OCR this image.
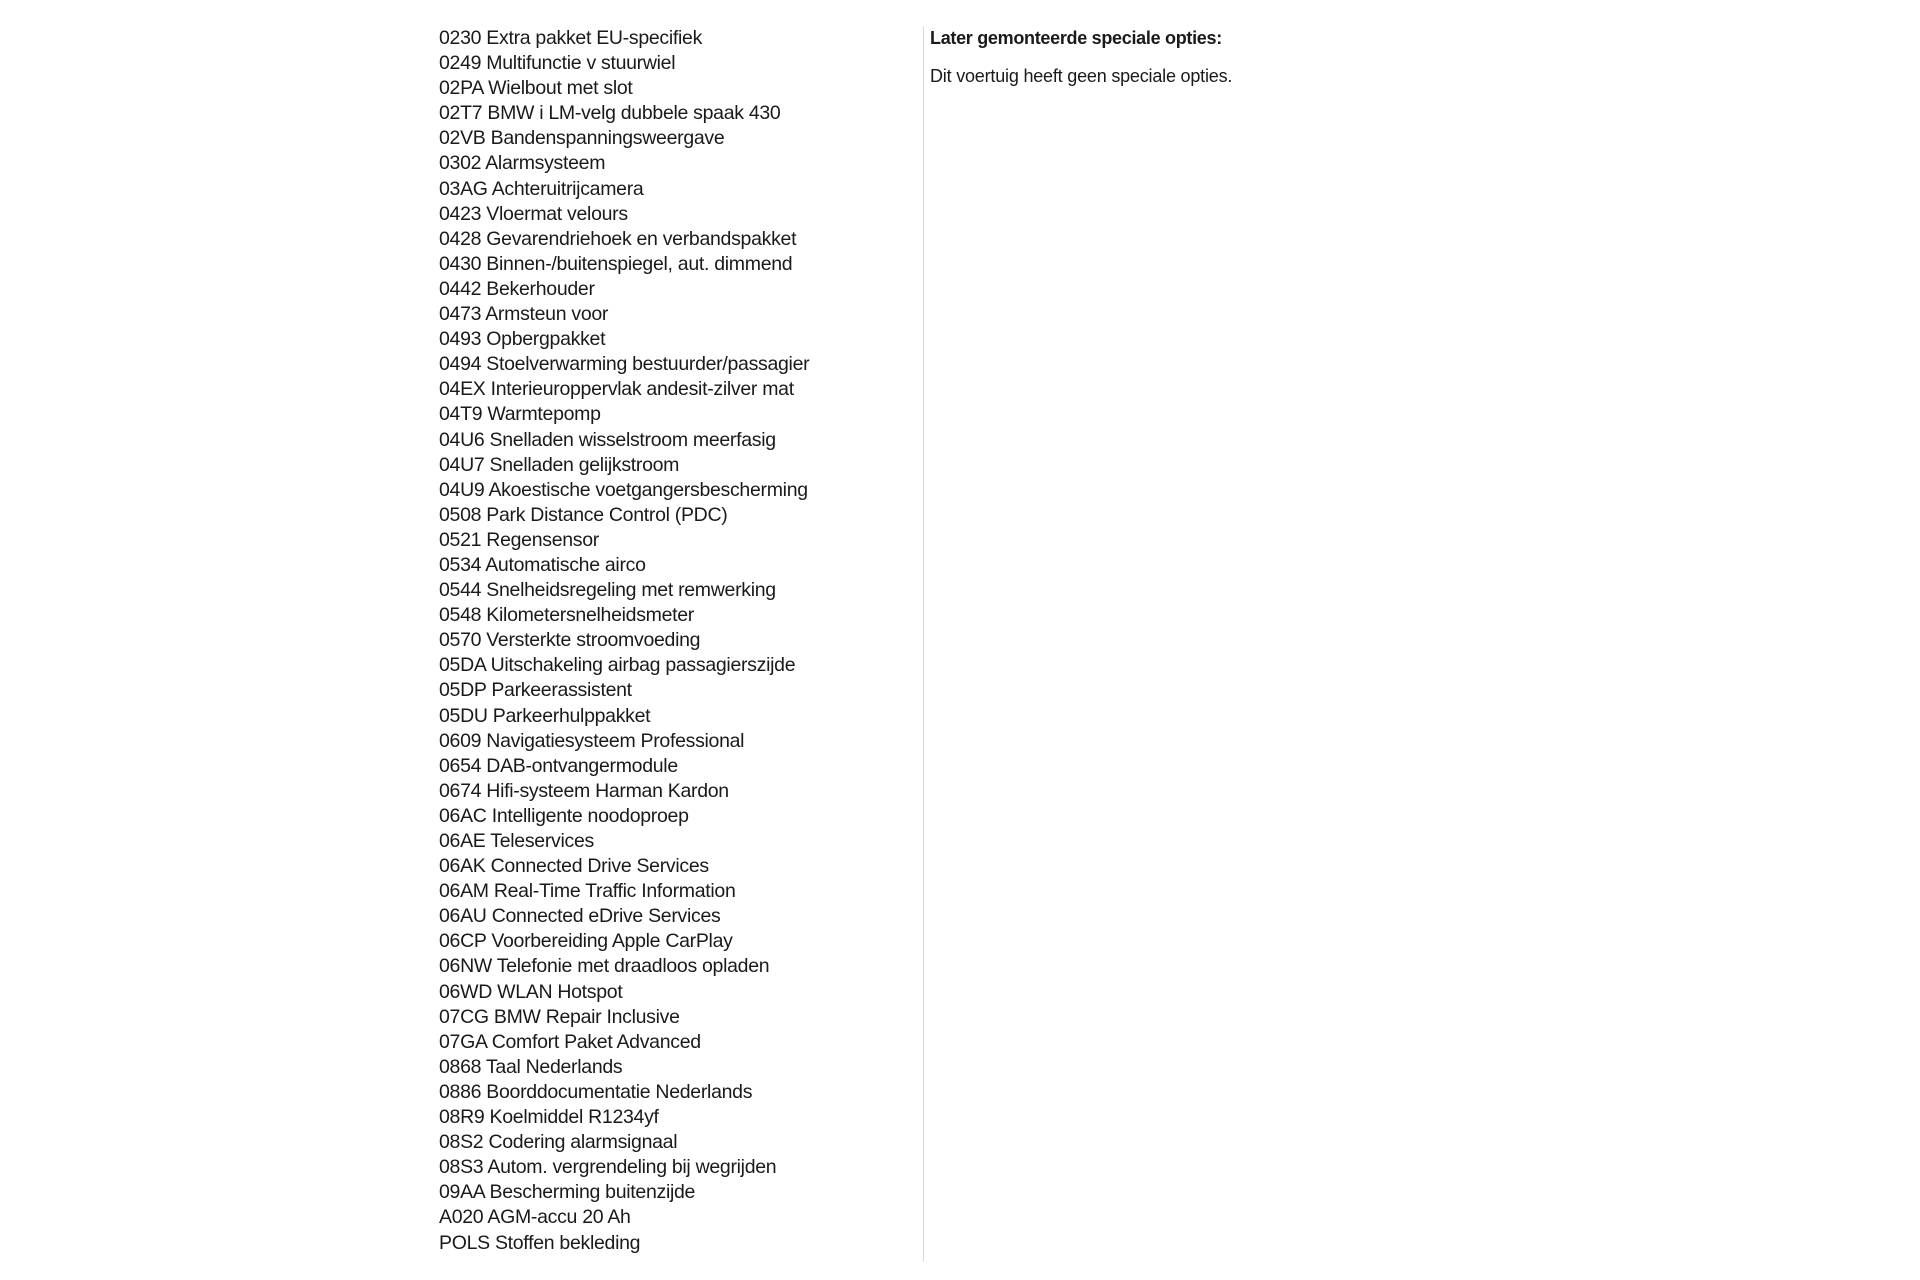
0230 Extra pakket EU-specifiek
0249 Multifunctie v stuurwiel
02PA Wielbout met slot
02T7 BMW i LM-velg dubbele spaak 430
02VB Bandenspanningsweergave
0302 Alarmsysteem
03AG Achteruitrijcamera
0423 Vloermat velours
0428 Gevarendriehoek en verbandspakket
0430 Binnen-/buitenspiegel, aut. dimmend
0442 Bekerhouder
0473 Armsteun voor
0493 Opbergpakket
0494 Stoelverwarming bestuurder/passagier
04EX Interieuroppervlak andesit-zilver mat
04T9 Warmtepomp
04U6 Snelladen wisselstroom meerfasig
04U7 Snelladen gelijkstroom
04U9 Akoestische voetgangersbescherming
0508 Park Distance Control (PDC)
0521 Regensensor
0534 Automatische airco
0544 Snelheidsregeling met remwerking
0548 Kilometersnelheidsmeter
0570 Versterkte stroomvoeding
05DA Uitschakeling airbag passagierszijde
05DP Parkeerassistent
05DU Parkeerhulppakket
0609 Navigatiesysteem Professional
0654 DAB-ontvangermodule
0674 Hifi-systeem Harman Kardon
06AC Intelligente noodoproep
06AE Teleservices
06AK Connected Drive Services
06AM Real-Time Traffic Information
06AU Connected eDrive Services
06CP Voorbereiding Apple CarPlay
06NW Telefonie met draadloos opladen
06WD WLAN Hotspot
07CG BMW Repair Inclusive
07GA Comfort Paket Advanced
0868 Taal Nederlands
0886 Boorddocumentatie Nederlands
08R9 Koelmiddel R1234yf
08S2 Codering alarmsignaal
08S3 Autom. vergrendeling bij wegrijden
09AA Bescherming buitenzijde
A020 AGM-accu 20 Ah
POLS Stoffen bekleding

Later gemonteerde speciale opties:

Dit voertuig heeft geen speciale opties.
